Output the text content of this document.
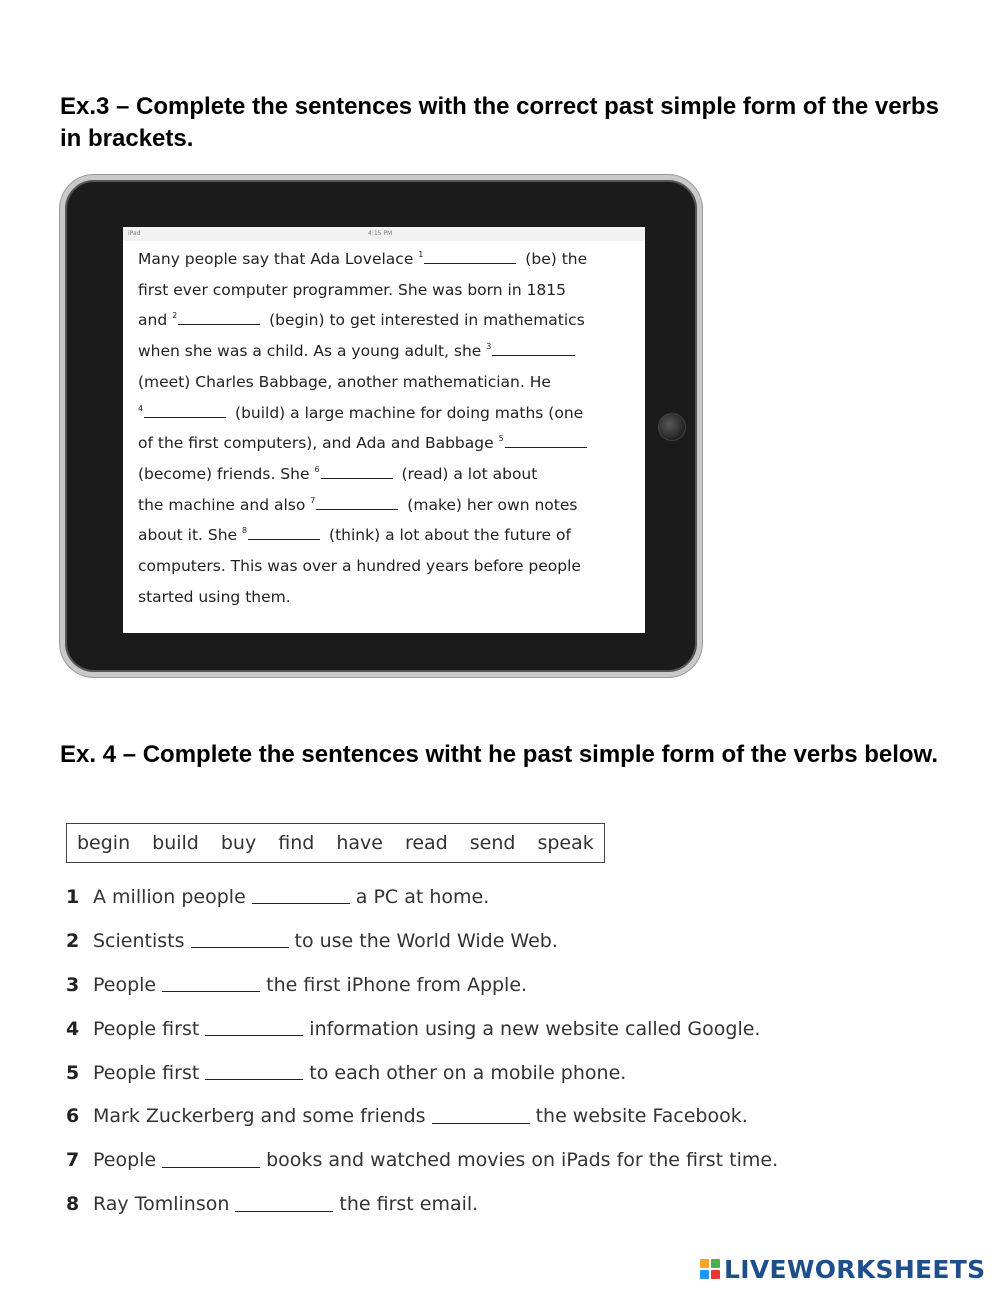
Ex.3 – Complete the sentences with the correct past simple form of the verbs in brackets.
iPad	4:15 PM
Many people say that Ada Lovelace $^1$	(be) the
first ever computer programmer. She was born in 1815
and $^2$	(begin) to get interested in mathematics
when she was a child. As a young adult, she $^3$
(meet) Charles Babbage, another mathematician. He
$^4$	(build) a large machine for doing maths (one
of the first computers), and Ada and Babbage $^5$
(become) friends. She $^6$	(read) a lot about
the machine and also $^7$	(make) her own notes
about it. She $^8$	(think) a lot about the future of
computers. This was over a hundred years before people
started using them.
Ex. 4 – Complete the sentences witht he past simple form of the verbs below.
begin build buy find have read send speak
1 A million people	a PC at home.
2 Scientists	to use the World Wide Web.
3 People	the first iPhone from Apple.
4 People first	information using a new website called Google.
5 People first	to each other on a mobile phone.
6 Mark Zuckerberg and some friends	the website Facebook.
7 People	books and watched movies on iPads for the first time.
8 Ray Tomlinson	the first email.
LIVEWORKSHEETS
